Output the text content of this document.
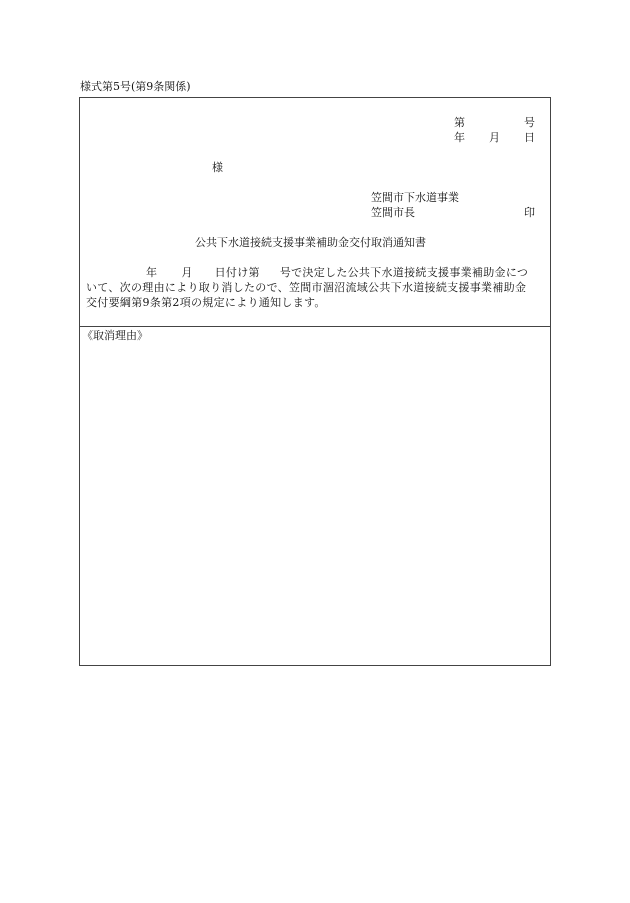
様式第5号(第9条関係)
第	号
年 月 日
様
笠間市下水道事業
笠間市長	印
公共下水道接続支援事業補助金交付取消通知書
年 月 日付け第 号で決定した公共下水道接続支援事業補助金につ
いて、次の理由により取り消したので、笠間市涸沼流域公共下水道接続支援事業補助金
交付要綱第9条第2項の規定により通知します。
《取消理由》
